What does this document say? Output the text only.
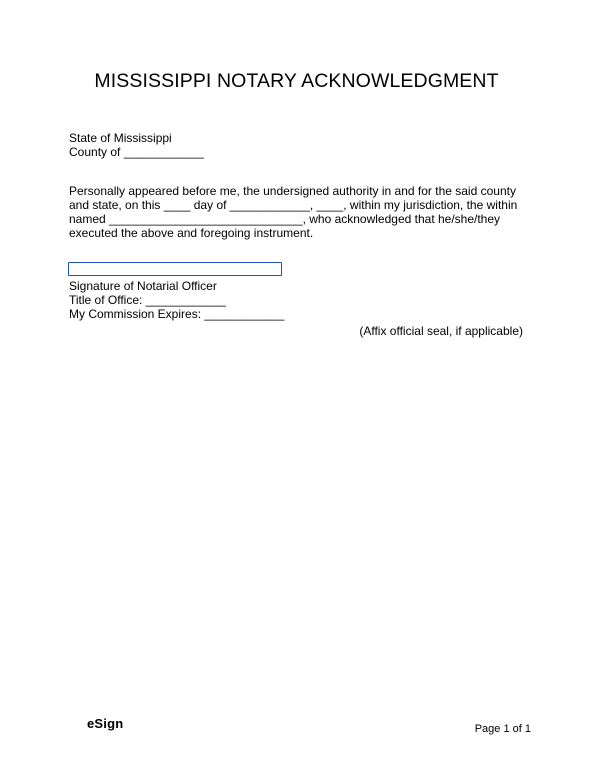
MISSISSIPPI NOTARY ACKNOWLEDGMENT
State of Mississippi
County of ____________
Personally appeared before me, the undersigned authority in and for the said county
and state, on this ____ day of ____________, ____, within my jurisdiction, the within
named _____________________________, who acknowledged that he/she/they
executed the above and foregoing instrument.
Signature of Notarial Officer
Title of Office: ____________
My Commission Expires: ____________
(Affix official seal, if applicable)
eSign	Page 1 of 1
